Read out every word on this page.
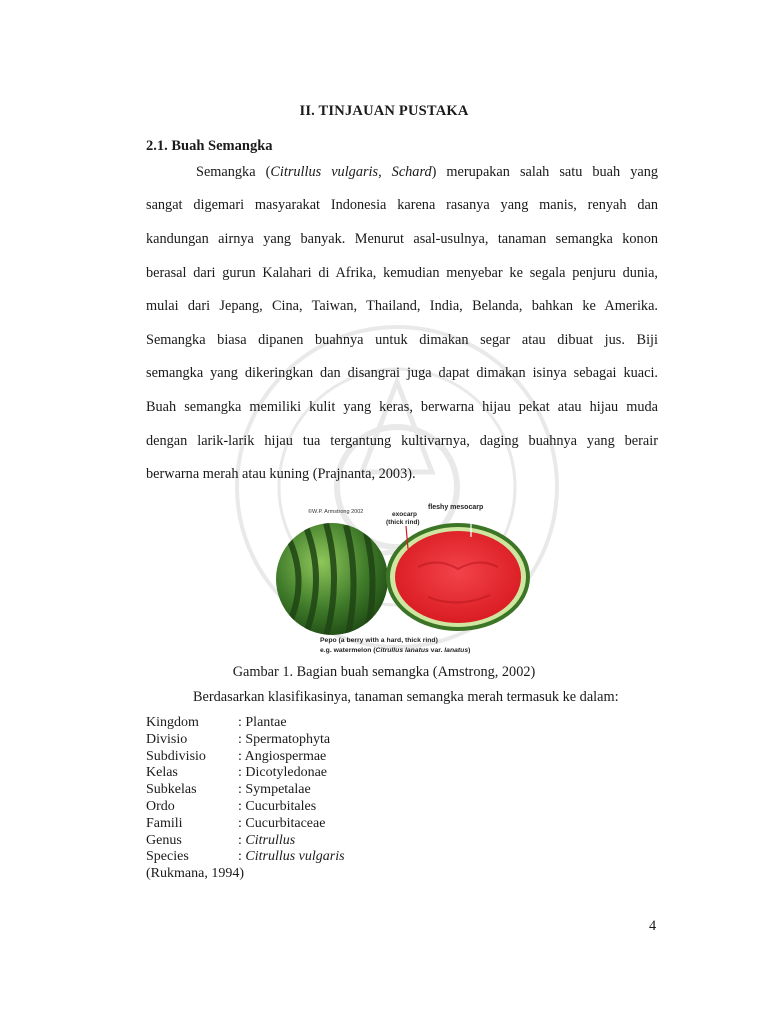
II. TINJAUAN PUSTAKA
2.1. Buah Semangka
Semangka (Citrullus vulgaris, Schard) merupakan salah satu buah yang
sangat digemari masyarakat Indonesia karena rasanya yang manis, renyah dan
kandungan airnya yang banyak. Menurut asal-usulnya, tanaman semangka konon
berasal dari gurun Kalahari di Afrika, kemudian menyebar ke segala penjuru dunia,
mulai dari Jepang, Cina, Taiwan, Thailand, India, Belanda, bahkan ke Amerika.
Semangka biasa dipanen buahnya untuk dimakan segar atau dibuat jus. Biji
semangka yang dikeringkan dan disangrai juga dapat dimakan isinya sebagai kuaci.
Buah semangka memiliki kulit yang keras, berwarna hijau pekat atau hijau muda
dengan larik-larik hijau tua tergantung kultivarnya, daging buahnya yang berair
berwarna merah atau kuning (Prajnanta, 2003).
©W.P. Armstrong 2002	exocarp
(thick rind)
fleshy mesocarp
Pepo (a berry with a hard, thick rind)
e.g. watermelon (Citrullus lanatus var. lanatus)
Gambar 1. Bagian buah semangka (Amstrong, 2002)
Berdasarkan klasifikasinya, tanaman semangka merah termasuk ke dalam:
Kingdom	: Plantae
Divisio	: Spermatophyta
Subdivisio	: Angiospermae
Kelas	: Dicotyledonae
Subkelas	: Sympetalae
Ordo	: Cucurbitales
Famili	: Cucurbitaceae
Genus	: Citrullus
Species	: Citrullus vulgaris
(Rukmana, 1994)
4
